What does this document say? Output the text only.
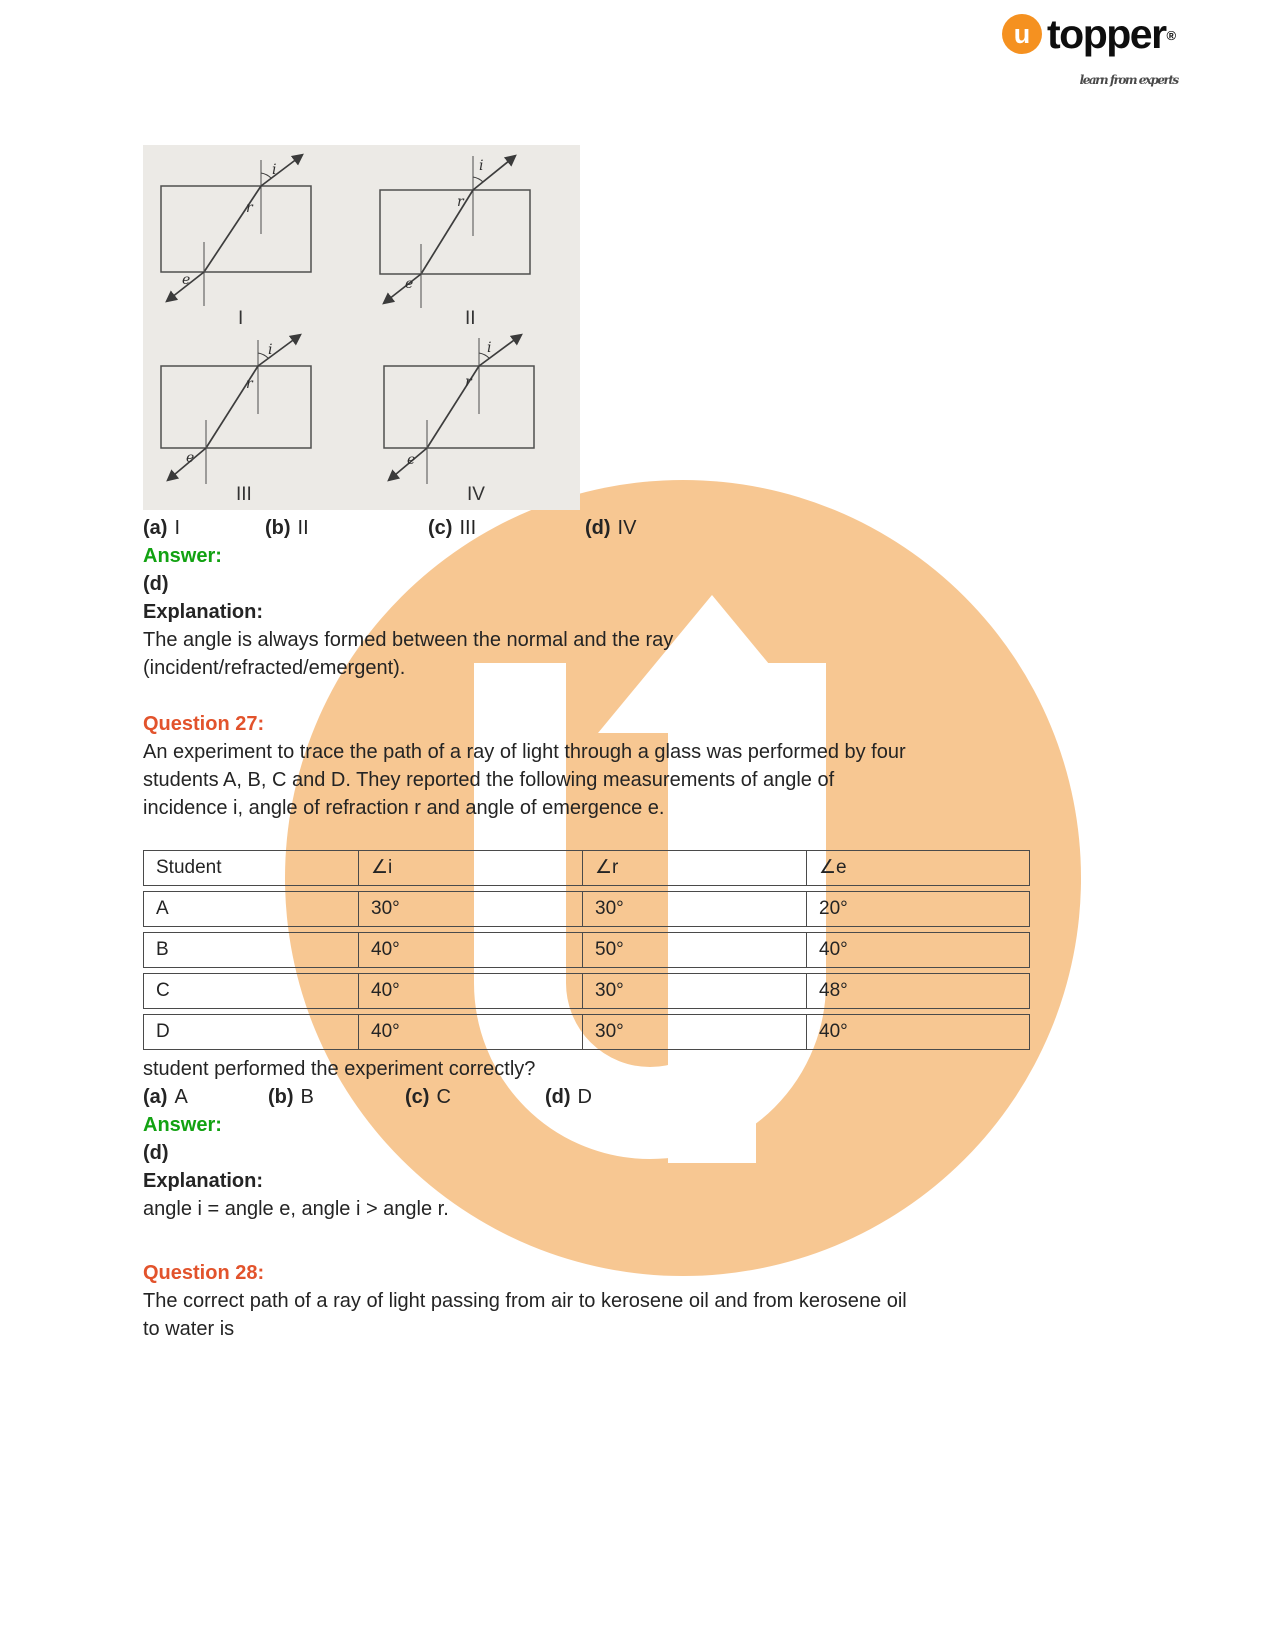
u topper®
learn from experts
i
r
e
I
i
r
e
II
i
r
e
III
i
r
e
IV
(a) I	(b) II	(c) III	(d) IV
Answer:
(d)
Explanation:
The angle is always formed between the normal and the ray
(incident/refracted/emergent).
Question 27:
An experiment to trace the path of a ray of light through a glass was performed by four
students A, B, C and D. They reported the following measurements of angle of
incidence i, angle of refraction r and angle of emergence e.
Student	∠i	∠r	∠e
A	30°	30°	20°
B	40°	50°	40°
C	40°	30°	48°
D	40°	30°	40°
student performed the experiment correctly?
(a) A	(b) B	(c) C	(d) D
Answer:
(d)
Explanation:
angle i = angle e, angle i > angle r.
Question 28:
The correct path of a ray of light passing from air to kerosene oil and from kerosene oil
to water is
